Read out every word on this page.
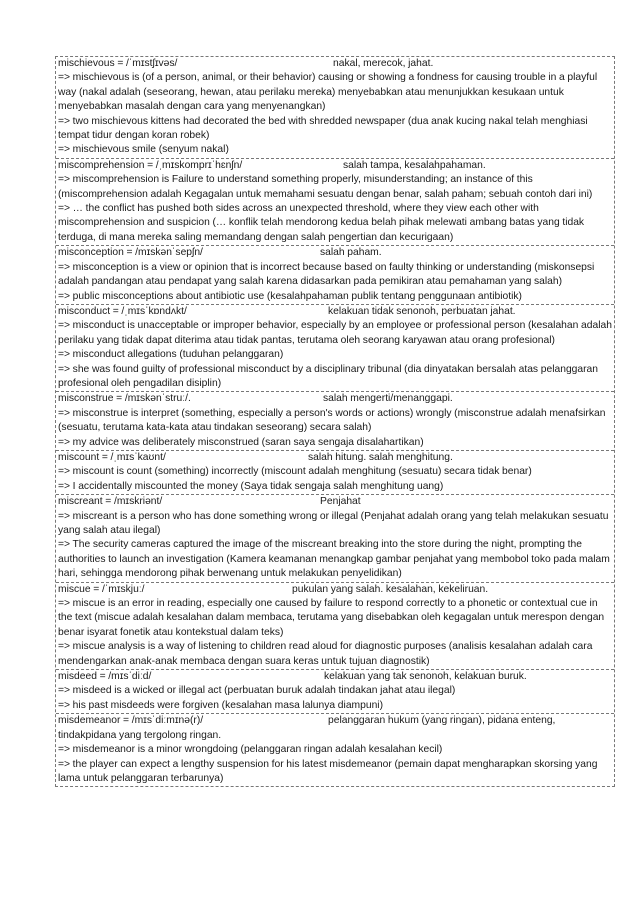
mischievous = /ˈmɪstʃɪvəs/	nakal, merecok, jahat.
=> mischievous is (of a person, animal, or their behavior) causing or showing a fondness for causing trouble in a playful way (nakal adalah (seseorang, hewan, atau perilaku mereka) menyebabkan atau menunjukkan kesukaan untuk menyebabkan masalah dengan cara yang menyenangkan)
=> two mischievous kittens had decorated the bed with shredded newspaper (dua anak kucing nakal telah menghiasi tempat tidur dengan koran robek)
=> mischievous smile (senyum nakal)
miscomprehension = /ˌmɪskomprɪˈhɛnʃn/	salah tampa, kesalahpahaman.
=> miscomprehension is Failure to understand something properly, misunderstanding; an instance of this (miscomprehension adalah Kegagalan untuk memahami sesuatu dengan benar, salah paham; sebuah contoh dari ini)
=> … the conflict has pushed both sides across an unexpected threshold, where they view each other with miscomprehension and suspicion (… konflik telah mendorong kedua belah pihak melewati ambang batas yang tidak terduga, di mana mereka saling memandang dengan salah pengertian dan kecurigaan)
misconception = /mɪskənˈsepʃn/	salah paham.
=> misconception is a view or opinion that is incorrect because based on faulty thinking or understanding (miskonsepsi adalah pandangan atau pendapat yang salah karena didasarkan pada pemikiran atau pemahaman yang salah)
=> public misconceptions about antibiotic use (kesalahpahaman publik tentang penggunaan antibiotik)
misconduct = /ˌmɪsˈkɒndʌkt/	kelakuan tidak senonoh, perbuatan jahat.
=> misconduct is unacceptable or improper behavior, especially by an employee or professional person (kesalahan adalah perilaku yang tidak dapat diterima atau tidak pantas, terutama oleh seorang karyawan atau orang profesional)
=> misconduct allegations (tuduhan pelanggaran)
=> she was found guilty of professional misconduct by a disciplinary tribunal (dia dinyatakan bersalah atas pelanggaran profesional oleh pengadilan disiplin)
misconstrue = /mɪskənˈstruː/.	salah mengerti/menanggapi.
=> misconstrue is interpret (something, especially a person's words or actions) wrongly (misconstrue adalah menafsirkan (sesuatu, terutama kata-kata atau tindakan seseorang) secara salah)
=> my advice was deliberately misconstrued (saran saya sengaja disalahartikan)
miscount = /ˌmɪsˈkaʊnt/	salah hitung. salah menghitung.
=> miscount is count (something) incorrectly (miscount adalah menghitung (sesuatu) secara tidak benar)
=> I accidentally miscounted the money (Saya tidak sengaja salah menghitung uang)
miscreant = /mɪskriənt/	Penjahat
=> miscreant is a person who has done something wrong or illegal (Penjahat adalah orang yang telah melakukan sesuatu yang salah atau ilegal)
=> The security cameras captured the image of the miscreant breaking into the store during the night, prompting the authorities to launch an investigation (Kamera keamanan menangkap gambar penjahat yang membobol toko pada malam hari, sehingga mendorong pihak berwenang untuk melakukan penyelidikan)
miscue = /ˈmɪskjuː/	pukulan yang salah. kesalahan, kekeliruan.
=> miscue is an error in reading, especially one caused by failure to respond correctly to a phonetic or contextual cue in the text (miscue adalah kesalahan dalam membaca, terutama yang disebabkan oleh kegagalan untuk merespon dengan benar isyarat fonetik atau kontekstual dalam teks)
=> miscue analysis is a way of listening to children read aloud for diagnostic purposes (analisis kesalahan adalah cara mendengarkan anak-anak membaca dengan suara keras untuk tujuan diagnostik)
misdeed = /mɪsˈdiːd/	kelakuan yang tak senonoh, kelakuan buruk.
=> misdeed is a wicked or illegal act (perbuatan buruk adalah tindakan jahat atau ilegal)
=> his past misdeeds were forgiven (kesalahan masa lalunya diampuni)
misdemeanor = /mɪsˈdiːmɪnə(r)/	pelanggaran hukum (yang ringan), pidana enteng, tindakpidana yang tergolong ringan.
=> misdemeanor is a minor wrongdoing (pelanggaran ringan adalah kesalahan kecil)
=> the player can expect a lengthy suspension for his latest misdemeanor (pemain dapat mengharapkan skorsing yang lama untuk pelanggaran terbarunya)
